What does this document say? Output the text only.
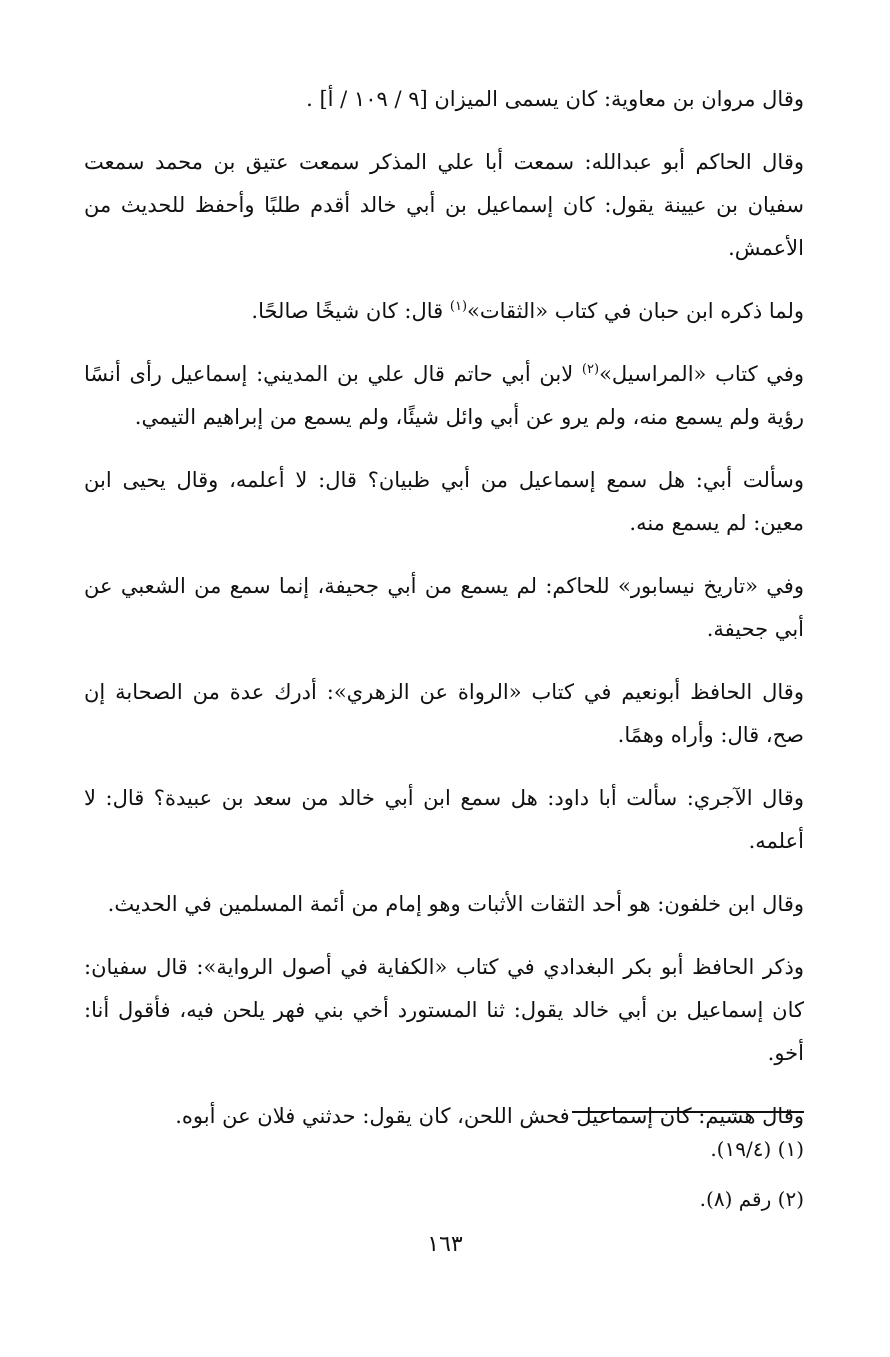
وقال مروان بن معاوية: كان يسمى الميزان [٩ / ١٠٩ / أ] .

وقال الحاكم أبو عبدالله: سمعت أبا علي المذكر سمعت عتيق بن محمد سمعت سفيان بن عيينة يقول: كان إسماعيل بن أبي خالد أقدم طلبًا وأحفظ للحديث من الأعمش.

ولما ذكره ابن حبان في كتاب «الثقات»$^{(١)}$ قال: كان شيخًا صالحًا.

وفي كتاب «المراسيل»$^{(٢)}$ لابن أبي حاتم قال علي بن المديني: إسماعيل رأى أنسًا رؤية ولم يسمع منه، ولم يرو عن أبي وائل شيئًا، ولم يسمع من إبراهيم التيمي.

وسألت أبي: هل سمع إسماعيل من أبي ظبيان؟ قال: لا أعلمه، وقال يحيى ابن معين: لم يسمع منه.

وفي «تاريخ نيسابور» للحاكم: لم يسمع من أبي جحيفة، إنما سمع من الشعبي عن أبي جحيفة.

وقال الحافظ أبونعيم في كتاب «الرواة عن الزهري»: أدرك عدة من الصحابة إن صح، قال: وأراه وهمًا.

وقال الآجري: سألت أبا داود: هل سمع ابن أبي خالد من سعد بن عبيدة؟ قال: لا أعلمه.

وقال ابن خلفون: هو أحد الثقات الأثبات وهو إمام من أئمة المسلمين في الحديث.

وذكر الحافظ أبو بكر البغدادي في كتاب «الكفاية في أصول الرواية»: قال سفيان: كان إسماعيل بن أبي خالد يقول: ثنا المستورد أخي بني فهر يلحن فيه، فأقول أنا: أخو.

وقال هشيم: كان إسماعيل فحش اللحن، كان يقول: حدثني فلان عن أبوه.

(١) (١٩/٤).

(٢) رقم (٨).

١٦٣
